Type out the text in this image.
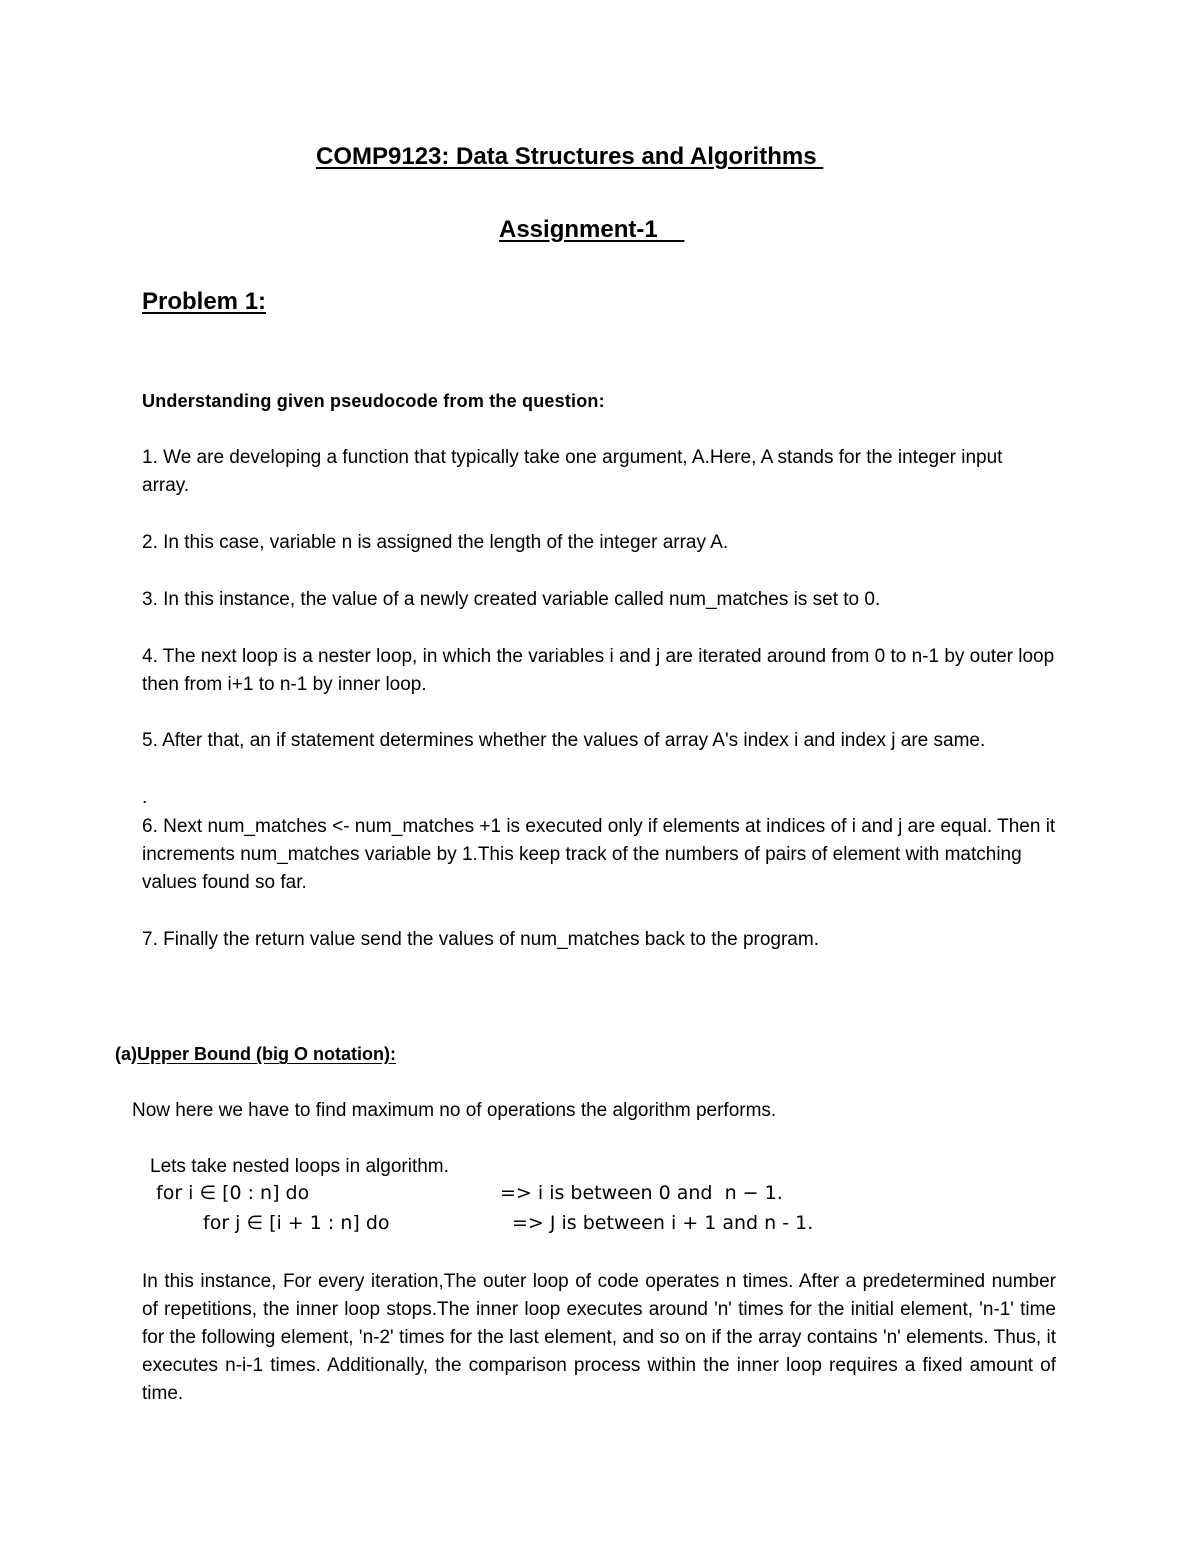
COMP9123: Data Structures and Algorithms
Assignment-1
Problem 1:
Understanding given pseudocode from the question:
1. We are developing a function that typically take one argument, A.Here, A stands for the integer input array.
2. In this case, variable n is assigned the length of the integer array A.
3. In this instance, the value of a newly created variable called num_matches is set to 0.
4. The next loop is a nester loop, in which the variables i and j are iterated around from 0 to n-1 by outer loop then from i+1 to n-1 by inner loop.
5. After that, an if statement determines whether the values of array A's index i and index j are same.
.
6. Next num_matches <- num_matches +1 is executed only if elements at indices of i and j are equal. Then it increments num_matches variable by 1.This keep track of the numbers of pairs of element with matching values found so far.
7. Finally the return value send the values of num_matches back to the program.
(a)Upper Bound (big O notation):
Now here we have to find maximum no of operations the algorithm performs.
Lets take nested loops in algorithm.
for i ∈ [0 : n] do	=> i is between 0 and  n − 1.
for j ∈ [i + 1 : n] do	=> J is between i + 1 and n - 1.
In this instance, For every iteration,The outer loop of code operates n times. After a predetermined number of repetitions, the inner loop stops.The inner loop executes around 'n' times for the initial element, 'n-1' time for the following element, 'n-2' times for the last element, and so on if the array contains 'n' elements. Thus, it executes n-i-1 times. Additionally, the comparison process within the inner loop requires a fixed amount of time.
